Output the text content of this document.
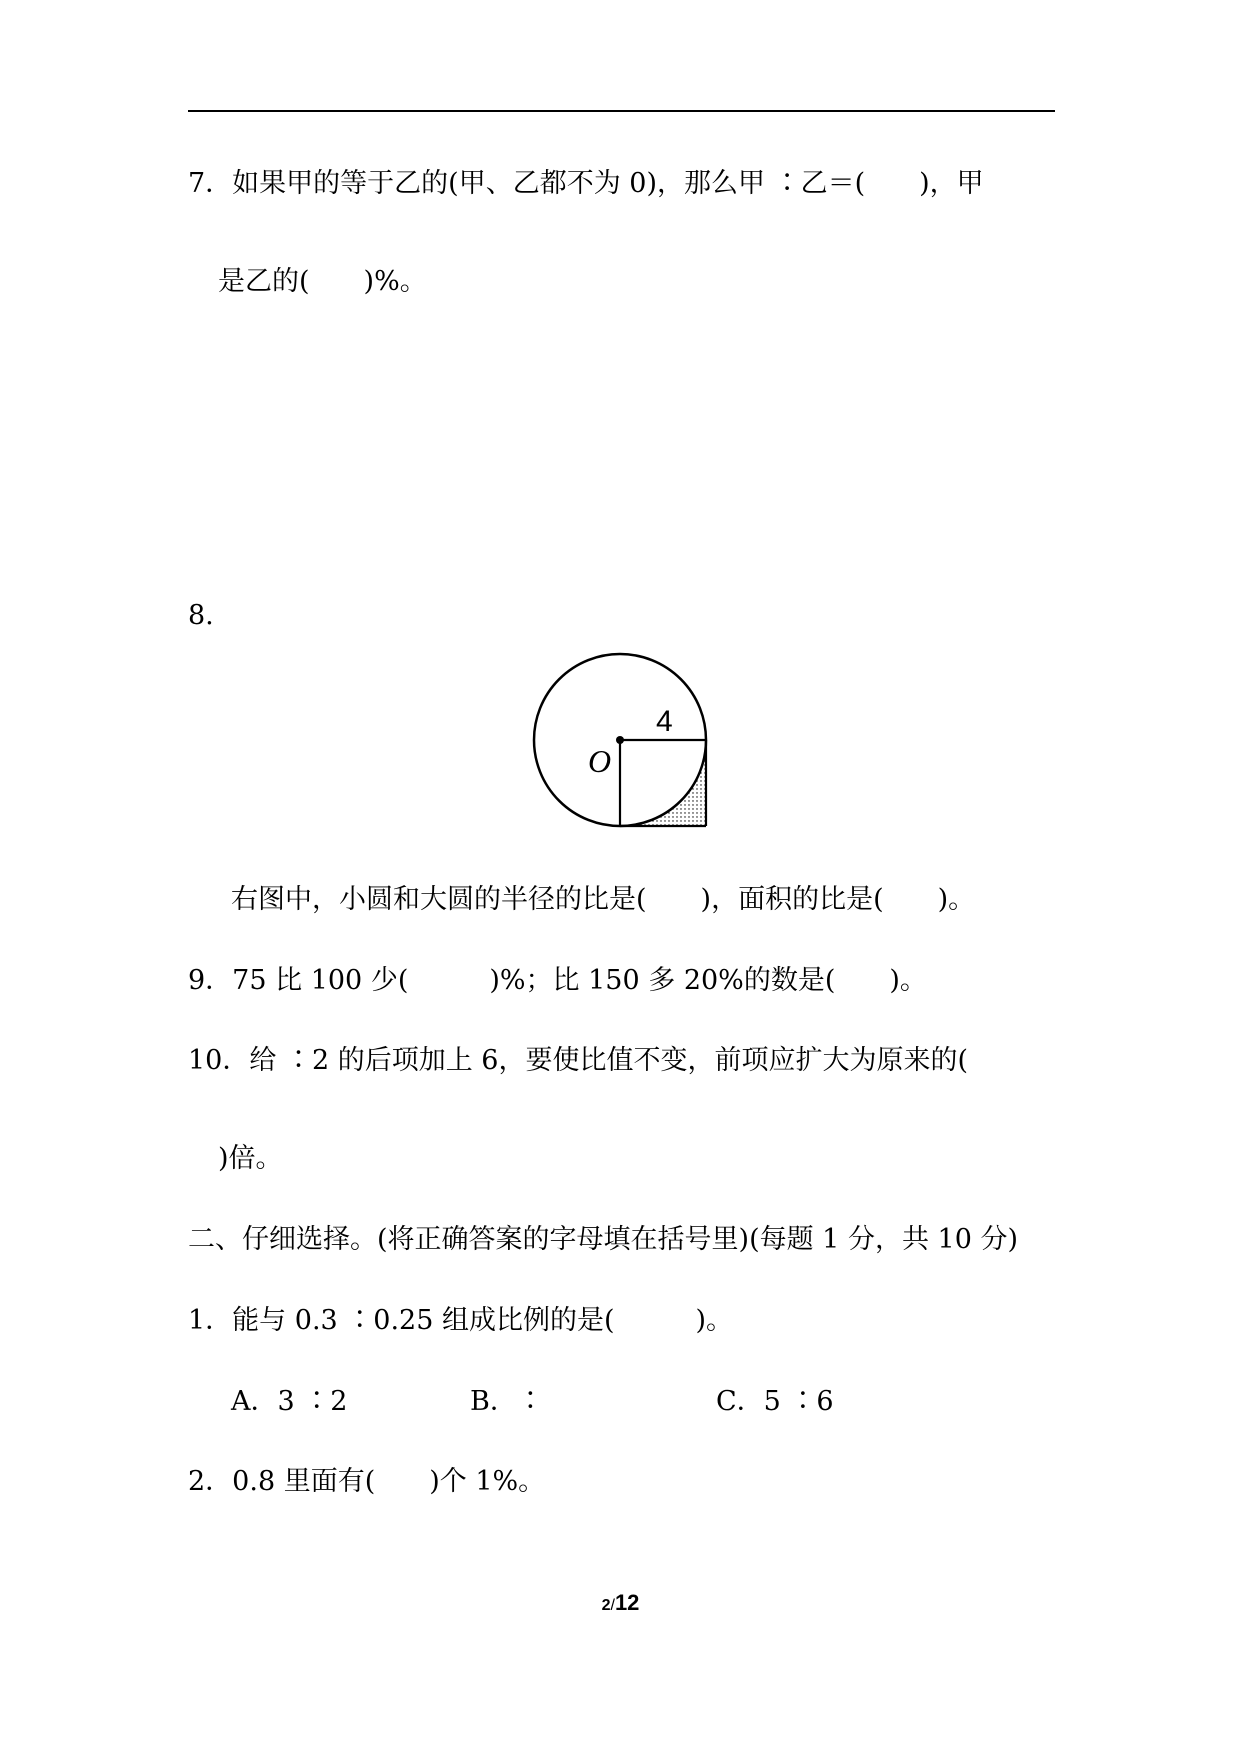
7．如果甲的等于乙的(甲、乙都不为 0)，那么甲 ∶乙＝(　　)，甲
是乙的(　　)%。
8.
4
O
右图中，小圆和大圆的半径的比是(　　)，面积的比是(　　)。
9．75 比 100 少(　　　)%；比 150 多 20%的数是(　　)。
10．给 ∶2 的后项加上 6，要使比值不变，前项应扩大为原来的(
)倍。
二、仔细选择。(将正确答案的字母填在括号里)(每题 1 分，共 10 分)
1．能与 0.3 ∶0.25 组成比例的是(　　　)。
A．3 ∶2	B．∶	C．5 ∶6
2．0.8 里面有(　　)个 1%。
2/12
